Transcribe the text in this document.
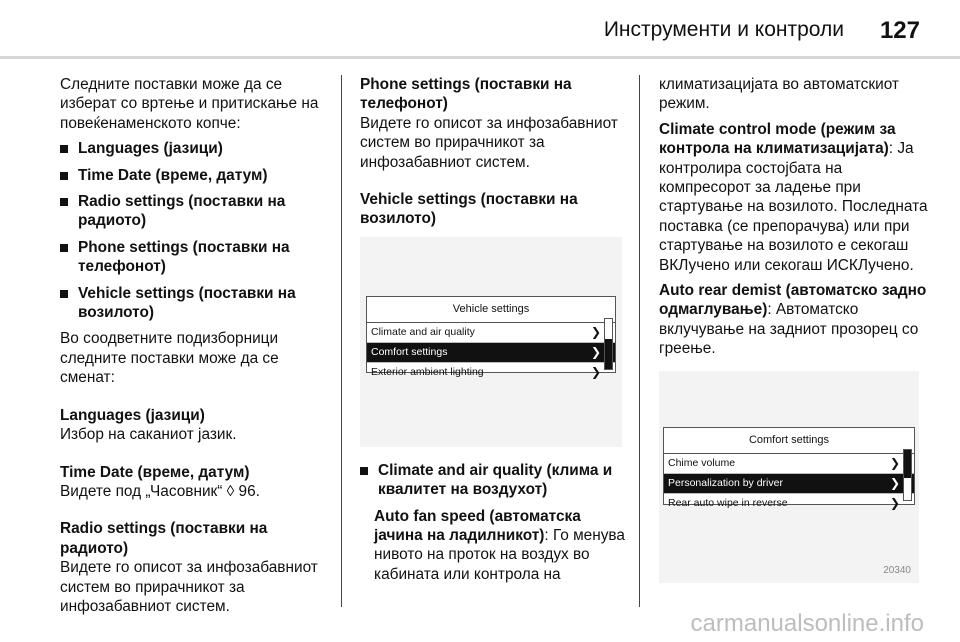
Инструменти и контроли 127

Следните поставки може да се изберат со вртење и притискање на повеќенаменското копче:

Languages (јазици)
Time Date (време, датум)
Radio settings (поставки на радиото)
Phone settings (поставки на телефонот)
Vehicle settings (поставки на возилото)

Во соодветните подизборници следните поставки може да се сменат:

Languages (јазици)

Избор на саканиот јазик.

Time Date (време, датум)

Видете под „Часовник“ ◊ 96.

Radio settings (поставки на радиото)

Видете го описот за инфозабавниот систем во прирачникот за инфозабавниот систем.

Phone settings (поставки на телефонот)

Видете го описот за инфозабавниот систем во прирачникот за инфозабавниот систем.

Vehicle settings (поставки на возилото)

Vehicle settings
Climate and air quality	❯
Comfort settings	❯
Exterior ambient lighting	❯
Climate and air quality (клима и квалитет на воздухот)

Auto fan speed (автоматска јачина на ладилникот): Го менува нивото на проток на воздух во кабината или контрола на

климатизацијата во автоматскиот режим.

Climate control mode (режим за контрола на климатизацијата): Ја контролира состојбата на компресорот за ладење при стартување на возилото. Последната поставка (се препорачува) или при стартување на возилото е секогаш ВКЛучено или секогаш ИСКЛучено.

Auto rear demist (автоматско задно одмаглување): Автоматско вклучување на задниот прозорец со греење.

Comfort settings
Chime volume	❯
Personalization by driver	❯
Rear auto wipe in reverse	❯
20340
carmanualsonline.info
